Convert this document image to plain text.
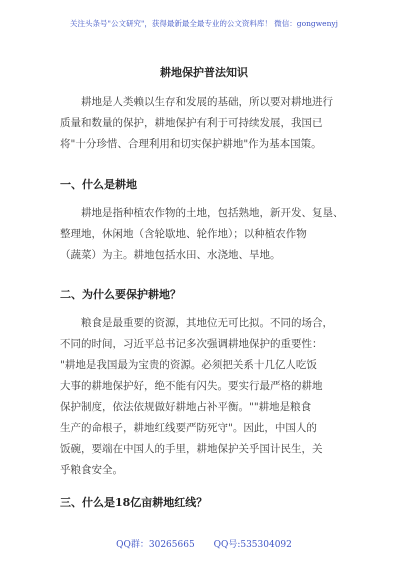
关注头条号"公文研究"，获得最新最全最专业的公文资料库！ 微信：gongwenyj
耕地保护普法知识

耕地是人类赖以生存和发展的基础，所以要对耕地进行
质量和数量的保护，耕地保护有利于可持续发展，我国已
将"十分珍惜、合理利用和切实保护耕地"作为基本国策。

一、什么是耕地

耕地是指种植农作物的土地，包括熟地，新开发、复垦、
整理地，休闲地（含轮歇地、轮作地）；以种植农作物
（蔬菜）为主。耕地包括水田、水浇地、旱地。

二、为什么要保护耕地？

粮食是最重要的资源，其地位无可比拟。不同的场合，
不同的时间，习近平总书记多次强调耕地保护的重要性：
"耕地是我国最为宝贵的资源。必须把关系十几亿人吃饭
大事的耕地保护好，绝不能有闪失。要实行最严格的耕地
保护制度，依法依规做好耕地占补平衡。""耕地是粮食
生产的命根子，耕地红线要严防死守"。因此，中国人的
饭碗，要端在中国人的手里，耕地保护关乎国计民生，关
乎粮食安全。

三、什么是18亿亩耕地红线？
QQ群：30265665 QQ号:535304092
